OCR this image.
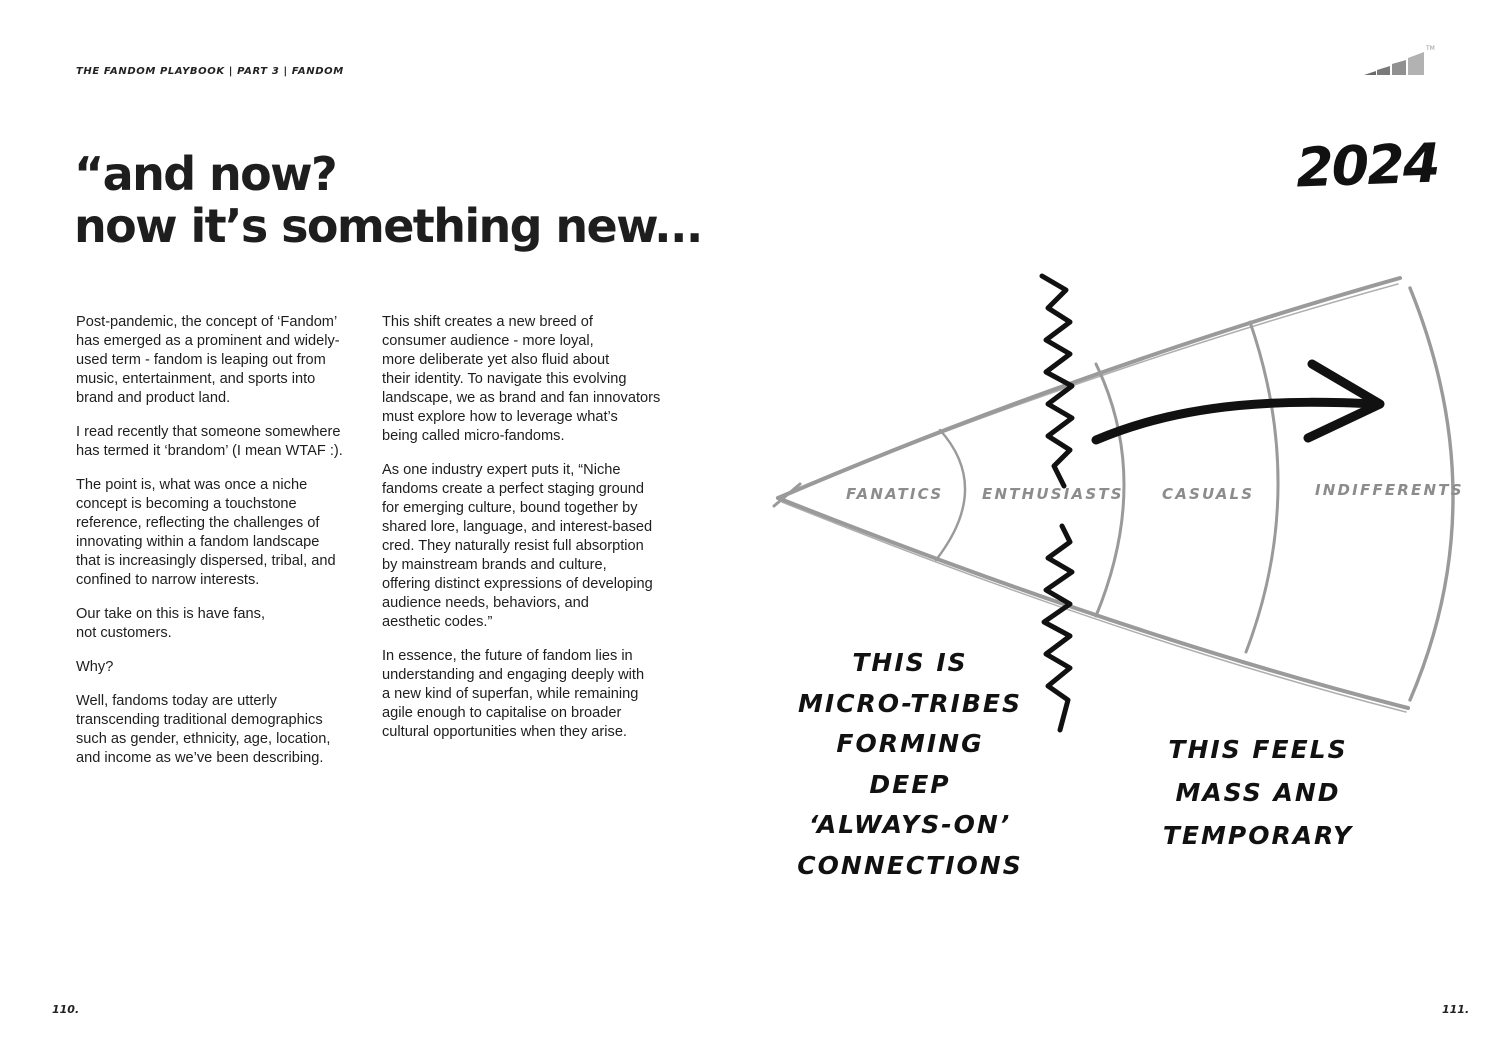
THE FANDOM PLAYBOOK | PART 3 | FANDOM
TM
“and now?
now it’s something new...

Post-pandemic, the concept of ‘Fandom’
has emerged as a prominent and widely-
used term - fandom is leaping out from
music, entertainment, and sports into
brand and product land.

I read recently that someone somewhere
has termed it ‘brandom’ (I mean WTAF :).

The point is, what was once a niche
concept is becoming a touchstone
reference, reflecting the challenges of
innovating within a fandom landscape
that is increasingly dispersed, tribal, and
confined to narrow interests.

Our take on this is have fans,
not customers.

Why?

Well, fandoms today are utterly
transcending traditional demographics
such as gender, ethnicity, age, location,
and income as we’ve been describing.

This shift creates a new breed of
consumer audience - more loyal,
more deliberate yet also fluid about
their identity. To navigate this evolving
landscape, we as brand and fan innovators
must explore how to leverage what’s
being called micro-fandoms.

As one industry expert puts it, “Niche
fandoms create a perfect staging ground
for emerging culture, bound together by
shared lore, language, and interest-based
cred. They naturally resist full absorption
by mainstream brands and culture,
offering distinct expressions of developing
audience needs, behaviors, and
aesthetic codes.”

In essence, the future of fandom lies in
understanding and engaging deeply with
a new kind of superfan, while remaining
agile enough to capitalise on broader
cultural opportunities when they arise.

2024
FANATICS	ENTHUSIASTS	CASUALS	INDIFFERENTS
THIS IS
MICRO-TRIBES
FORMING
DEEP
‘ALWAYS-ON’
CONNECTIONS
THIS FEELS
MASS AND
TEMPORARY
110.	111.
